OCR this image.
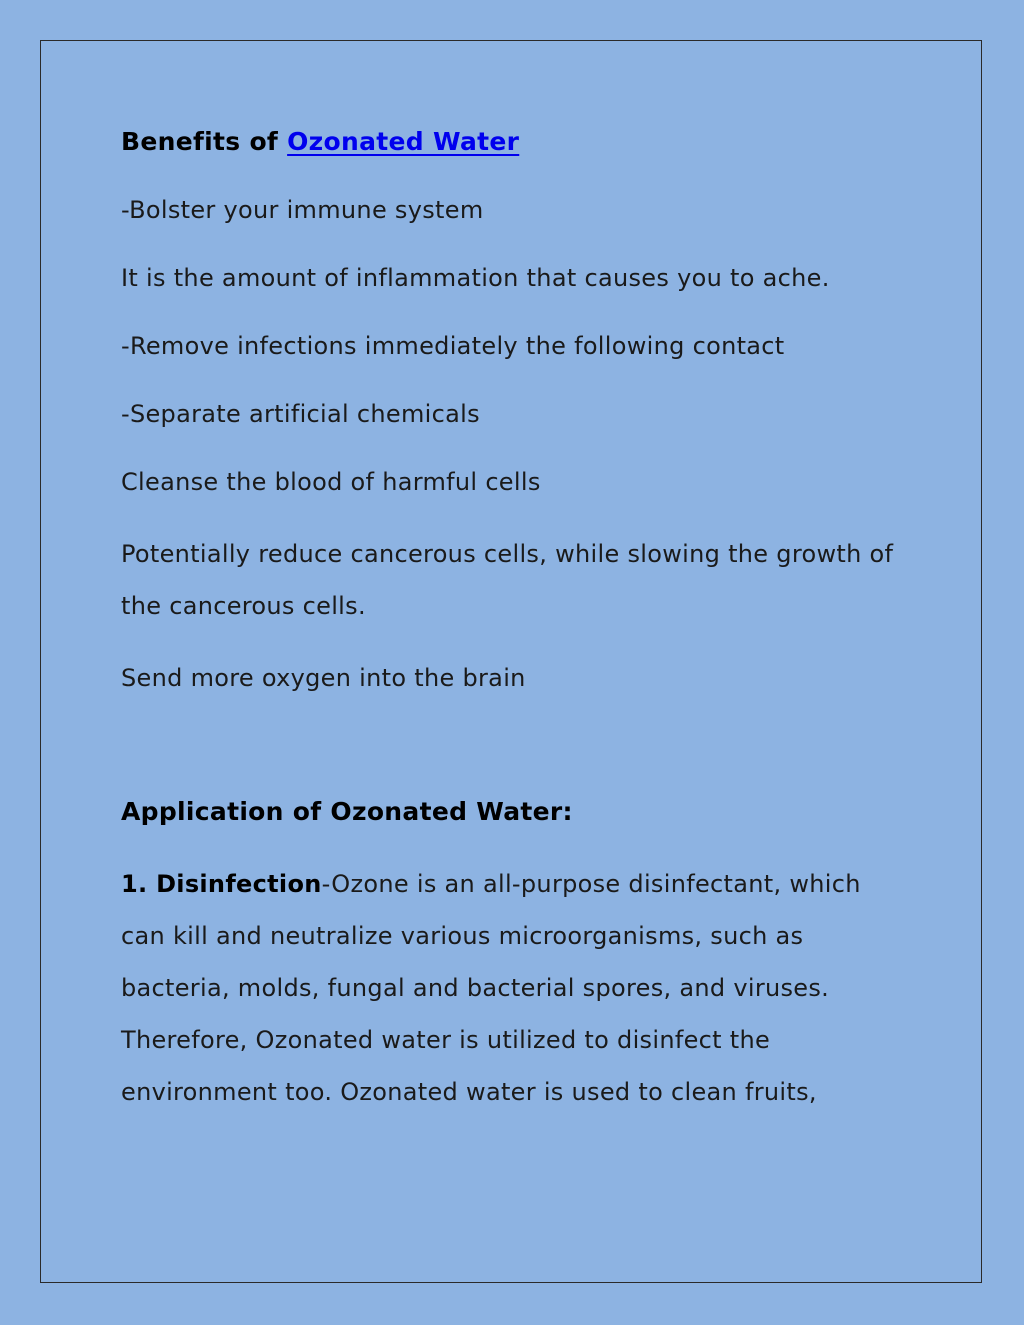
Benefits of Ozonated Water
-Bolster your immune system
It is the amount of inflammation that causes you to ache.
-Remove infections immediately the following contact
-Separate artificial chemicals
Cleanse the blood of harmful cells
Potentially reduce cancerous cells, while slowing the growth of the cancerous cells.
Send more oxygen into the brain
Application of Ozonated Water:

1. Disinfection-Ozone is an all-purpose disinfectant, which can kill and neutralize various microorganisms, such as bacteria, molds, fungal and bacterial spores, and viruses. Therefore, Ozonated water is utilized to disinfect the environment too. Ozonated water is used to clean fruits,
